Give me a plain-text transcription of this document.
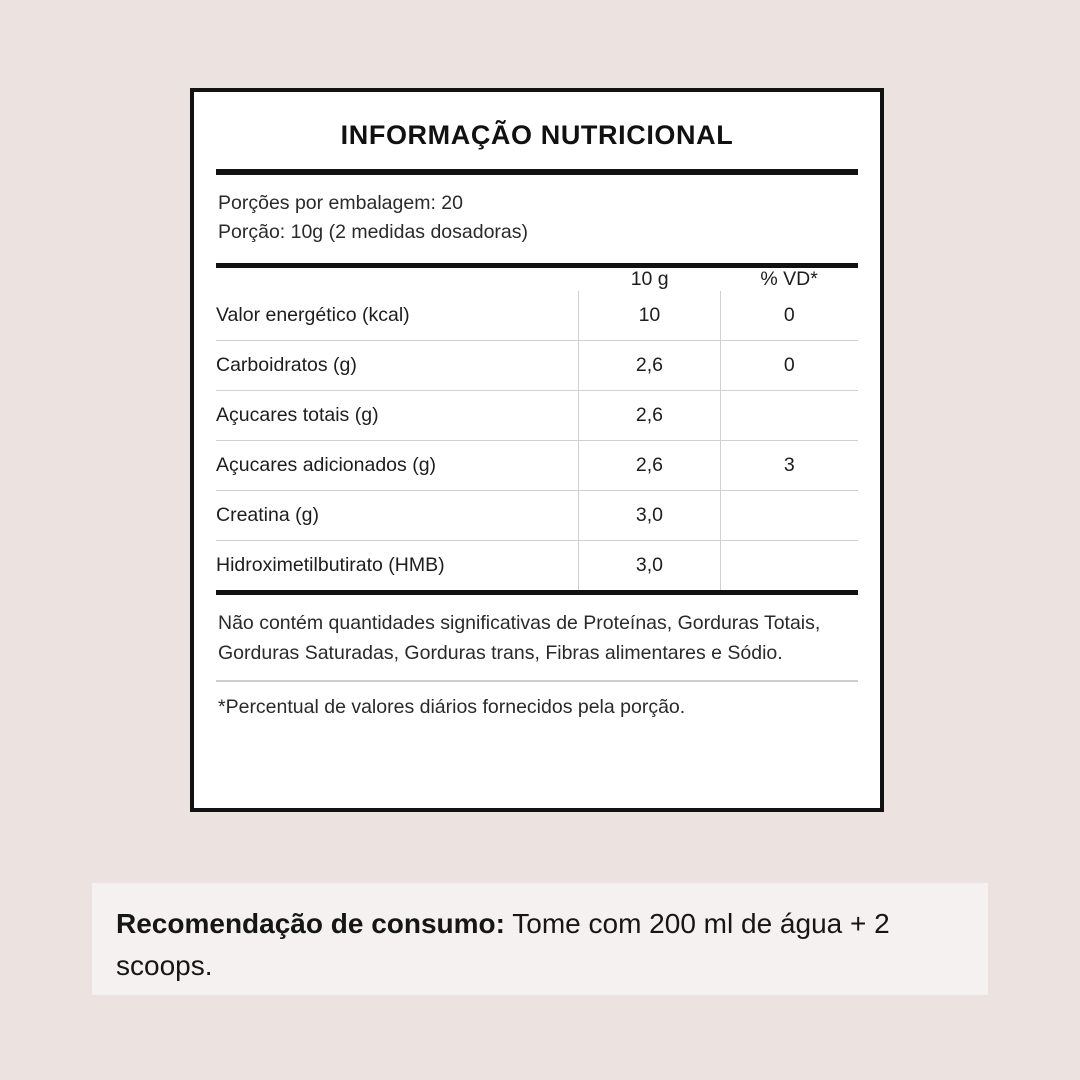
INFORMAÇÃO NUTRICIONAL
Porções por embalagem: 20
Porção: 10g (2 medidas dosadoras)
	10 g	% VD*
Valor energético (kcal)	10	0
Carboidratos (g)	2,6	0
Açucares totais (g)	2,6	
Açucares adicionados (g)	2,6	3
Creatina (g)	3,0	
Hidroximetilbutirato (HMB)	3,0	
Não contém quantidades significativas de Proteínas, Gorduras Totais, Gorduras Saturadas, Gorduras trans, Fibras alimentares e Sódio.
*Percentual de valores diários fornecidos pela porção.
Recomendação de consumo: Tome com 200 ml de água + 2 scoops.
